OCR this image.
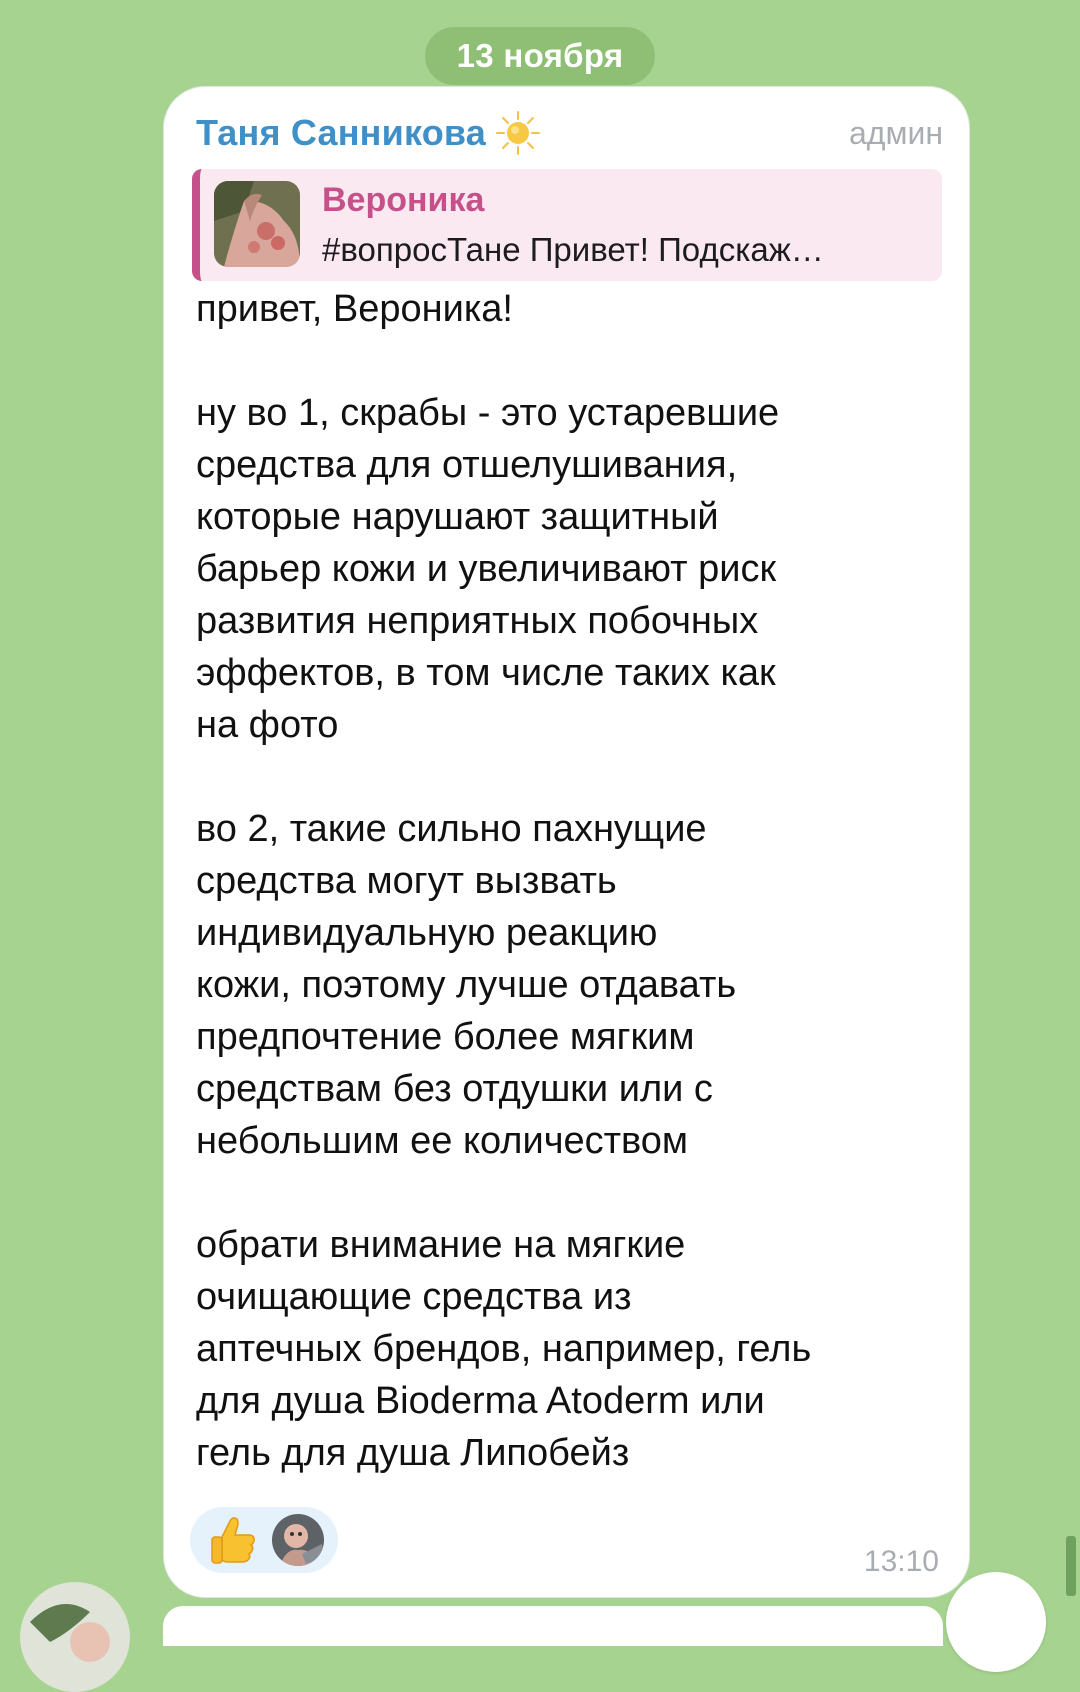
13 ноября
Таня Санникова	админ
Вероника
#вопросТане Привет! Подскаж…

привет, Вероника!

ну во 1, скрабы - это устаревшие
средства для отшелушивания,
которые нарушают защитный
барьер кожи и увеличивают риск
развития неприятных побочных
эффектов, в том числе таких как
на фото

во 2, такие сильно пахнущие
средства могут вызвать
индивидуальную реакцию
кожи, поэтому лучше отдавать
предпочтение более мягким
средствам без отдушки или с
небольшим ее количеством

обрати внимание на мягкие
очищающие средства из
аптечных брендов, например, гель
для душа Bioderma Atoderm или
гель для душа Липобейз

13:10
